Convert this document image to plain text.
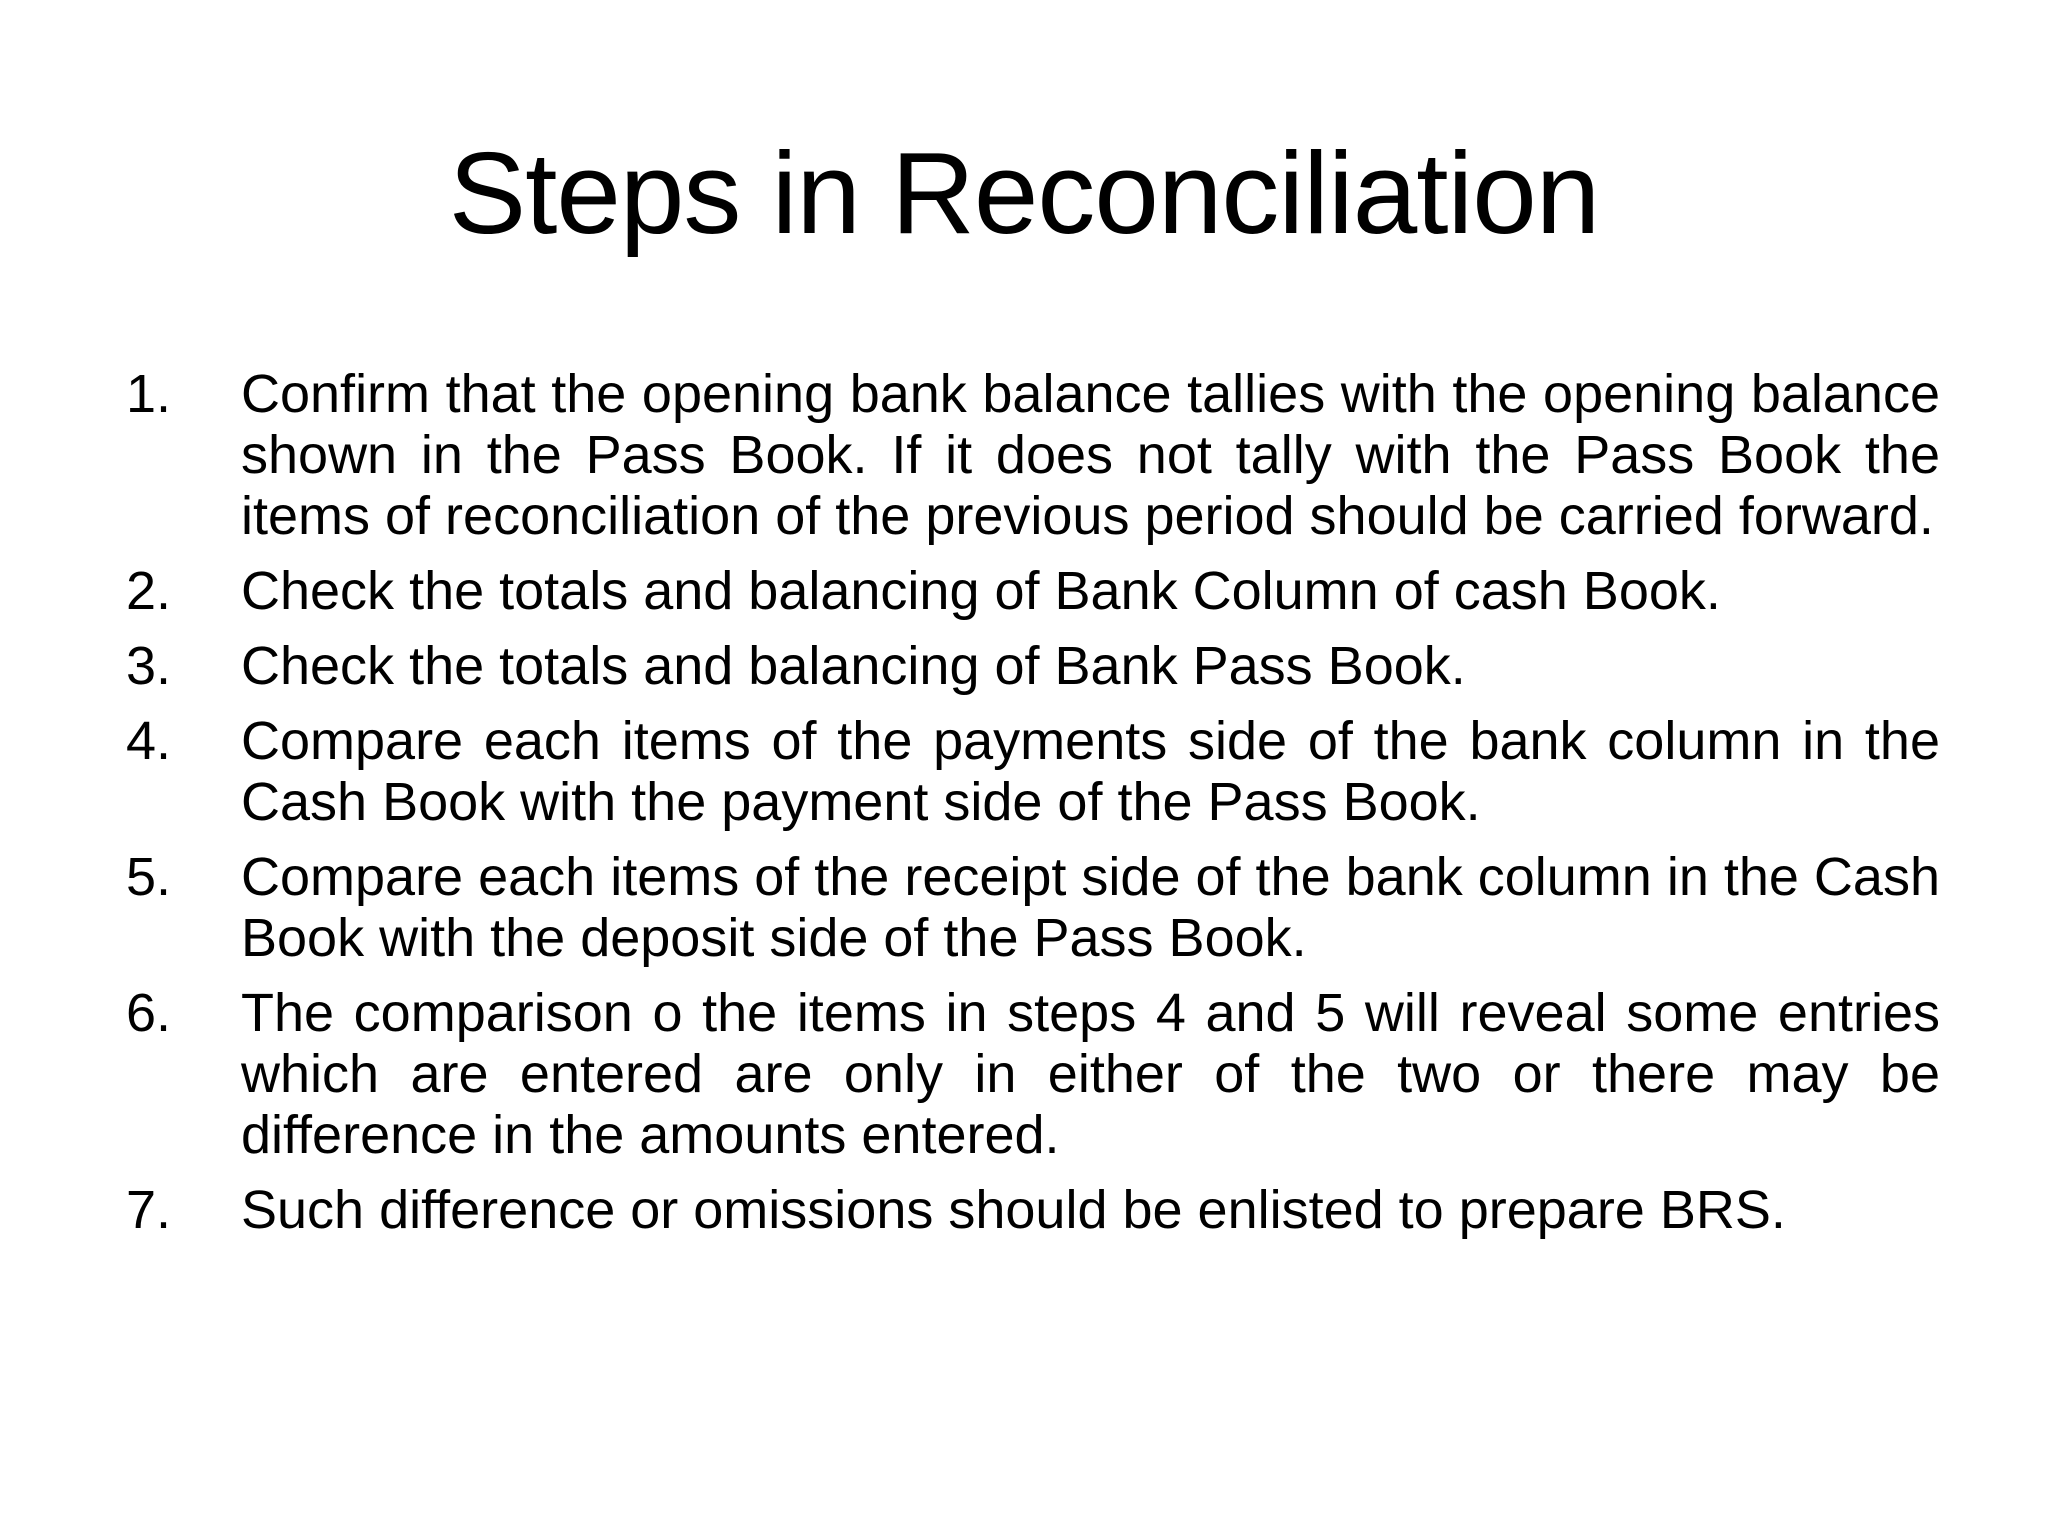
Steps in Reconciliation
1.	Confirm that the opening bank balance tallies with the opening balance shown in the Pass Book. If it does not tally with the Pass Book the items of reconciliation of the previous period should be carried forward.
2.	Check the totals and balancing of Bank Column of cash Book.
3.	Check the totals and balancing of Bank Pass Book.
4.	Compare each items of the payments side of the bank column in the Cash Book with the payment side of the Pass Book.
5.	Compare each items of the receipt side of the bank column in the Cash Book with the deposit side of the Pass Book.
6.	The comparison o the items in steps 4 and 5 will reveal some entries which are entered are only in either of the two or there may be difference in the amounts entered.
7.	Such difference or omissions should be enlisted to prepare BRS.
